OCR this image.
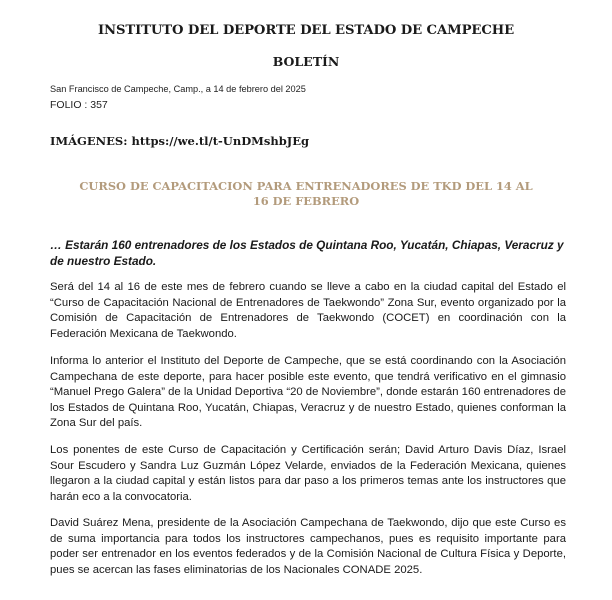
INSTITUTO DEL DEPORTE DEL ESTADO DE CAMPECHE
BOLETÍN
San Francisco de Campeche, Camp., a 14 de febrero del 2025
FOLIO : 357
IMÁGENES: https://we.tl/t-UnDMshbJEg
CURSO DE CAPACITACION PARA ENTRENADORES DE TKD DEL 14 AL 16 DE FEBRERO
… Estarán 160 entrenadores de los Estados de Quintana Roo, Yucatán, Chiapas, Veracruz y de nuestro Estado.
Será del 14 al 16 de este mes de febrero cuando se lleve a cabo en la ciudad capital del Estado el “Curso de Capacitación Nacional de Entrenadores de Taekwondo” Zona Sur, evento organizado por la Comisión de Capacitación de Entrenadores de Taekwondo (COCET) en coordinación con la Federación Mexicana de Taekwondo.
Informa lo anterior el Instituto del Deporte de Campeche, que se está coordinando con la Asociación Campechana de este deporte, para hacer posible este evento, que tendrá verificativo en el gimnasio “Manuel Prego Galera” de la Unidad Deportiva “20 de Noviembre”, donde estarán 160 entrenadores de los Estados de Quintana Roo, Yucatán, Chiapas, Veracruz y de nuestro Estado, quienes conforman la Zona Sur del país.
Los ponentes de este Curso de Capacitación y Certificación serán; David Arturo Davis Díaz, Israel Sour Escudero y Sandra Luz Guzmán López Velarde, enviados de la Federación Mexicana, quienes llegaron a la ciudad capital y están listos para dar paso a los primeros temas ante los instructores que harán eco a la convocatoria.
David Suárez Mena, presidente de la Asociación Campechana de Taekwondo, dijo que este Curso es de suma importancia para todos los instructores campechanos, pues es requisito importante para poder ser entrenador en los eventos federados y de la Comisión Nacional de Cultura Física y Deporte, pues se acercan las fases eliminatorias de los Nacionales CONADE 2025.
